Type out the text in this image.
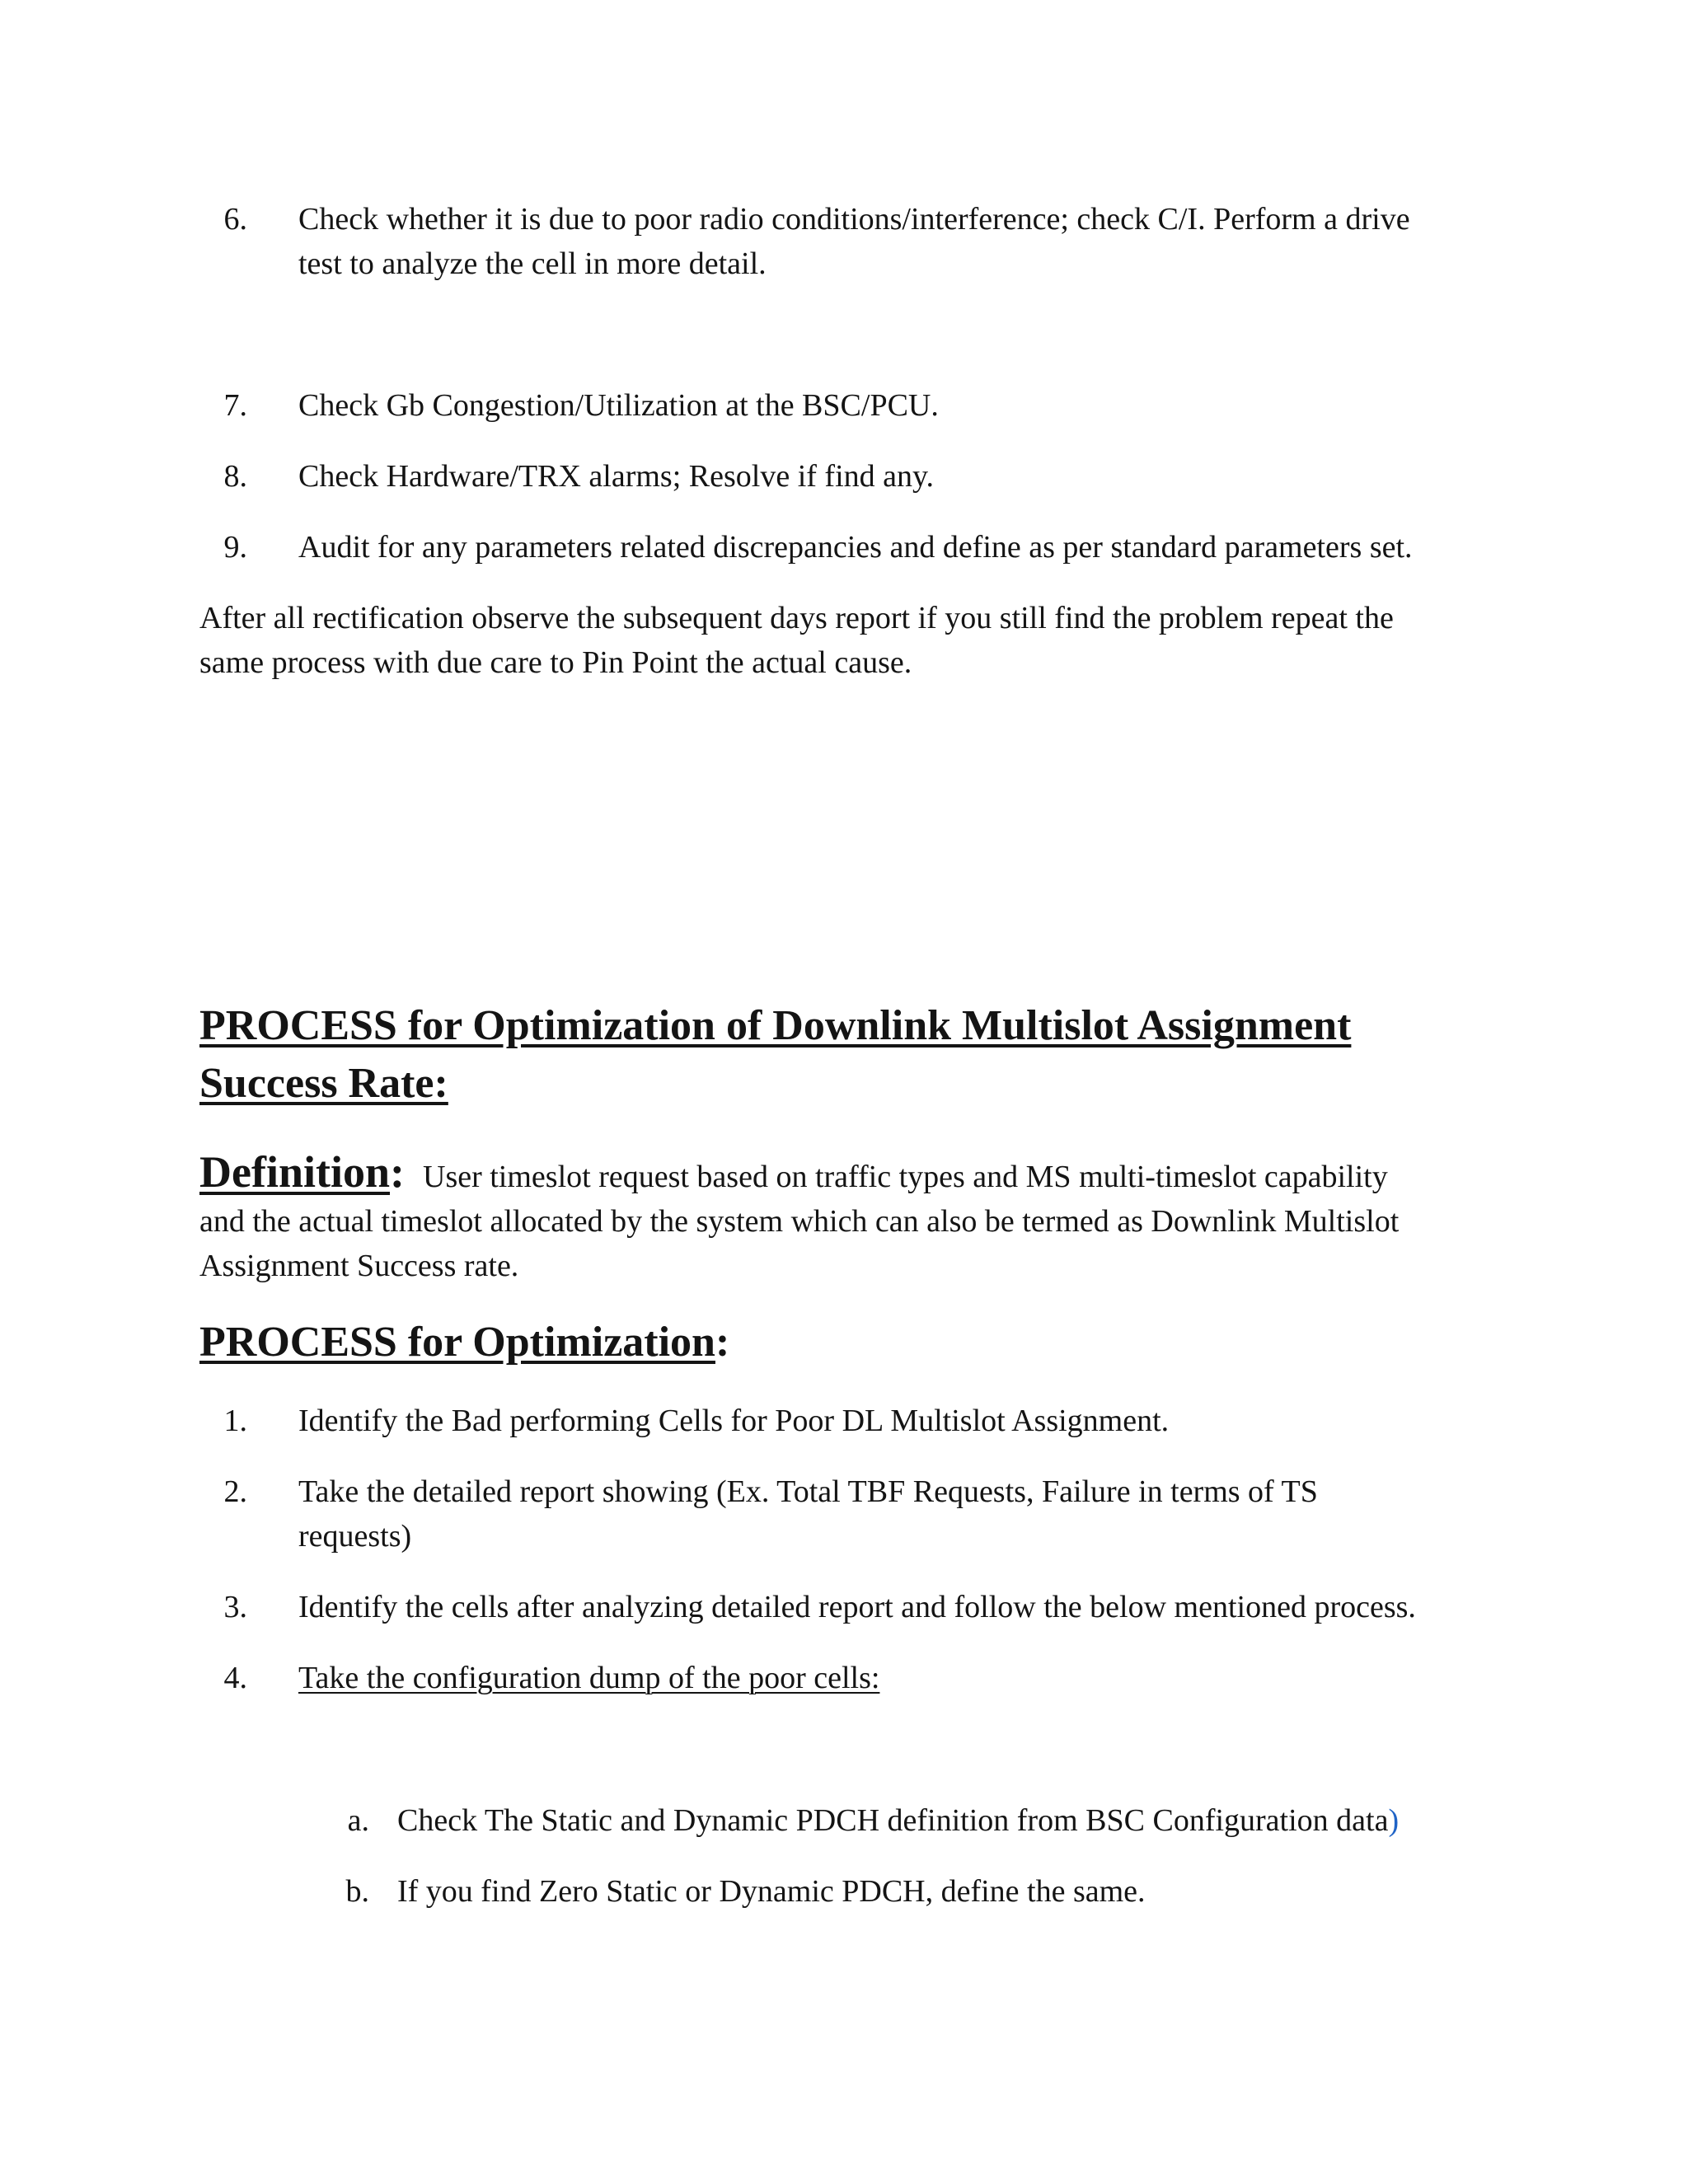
6. Check whether it is due to poor radio conditions/interference; check C/I. Perform a drive
test to analyze the cell in more detail.
7. Check Gb Congestion/Utilization at the BSC/PCU.
8. Check Hardware/TRX alarms; Resolve if find any.
9. Audit for any parameters related discrepancies and define as per standard parameters set.
After all rectification observe the subsequent days report if you still find the problem repeat the
same process with due care to Pin Point the actual cause.
PROCESS for Optimization of Downlink Multislot Assignment
Success Rate:
Definition: User timeslot request based on traffic types and MS multi-timeslot capability
and the actual timeslot allocated by the system which can also be termed as Downlink Multislot
Assignment Success rate.
PROCESS for Optimization:
1. Identify the Bad performing Cells for Poor DL Multislot Assignment.
2. Take the detailed report showing (Ex. Total TBF Requests, Failure in terms of TS
requests)
3. Identify the cells after analyzing detailed report and follow the below mentioned process.
4. Take the configuration dump of the poor cells:
a. Check The Static and Dynamic PDCH definition from BSC Configuration data)
b. If you find Zero Static or Dynamic PDCH, define the same.
